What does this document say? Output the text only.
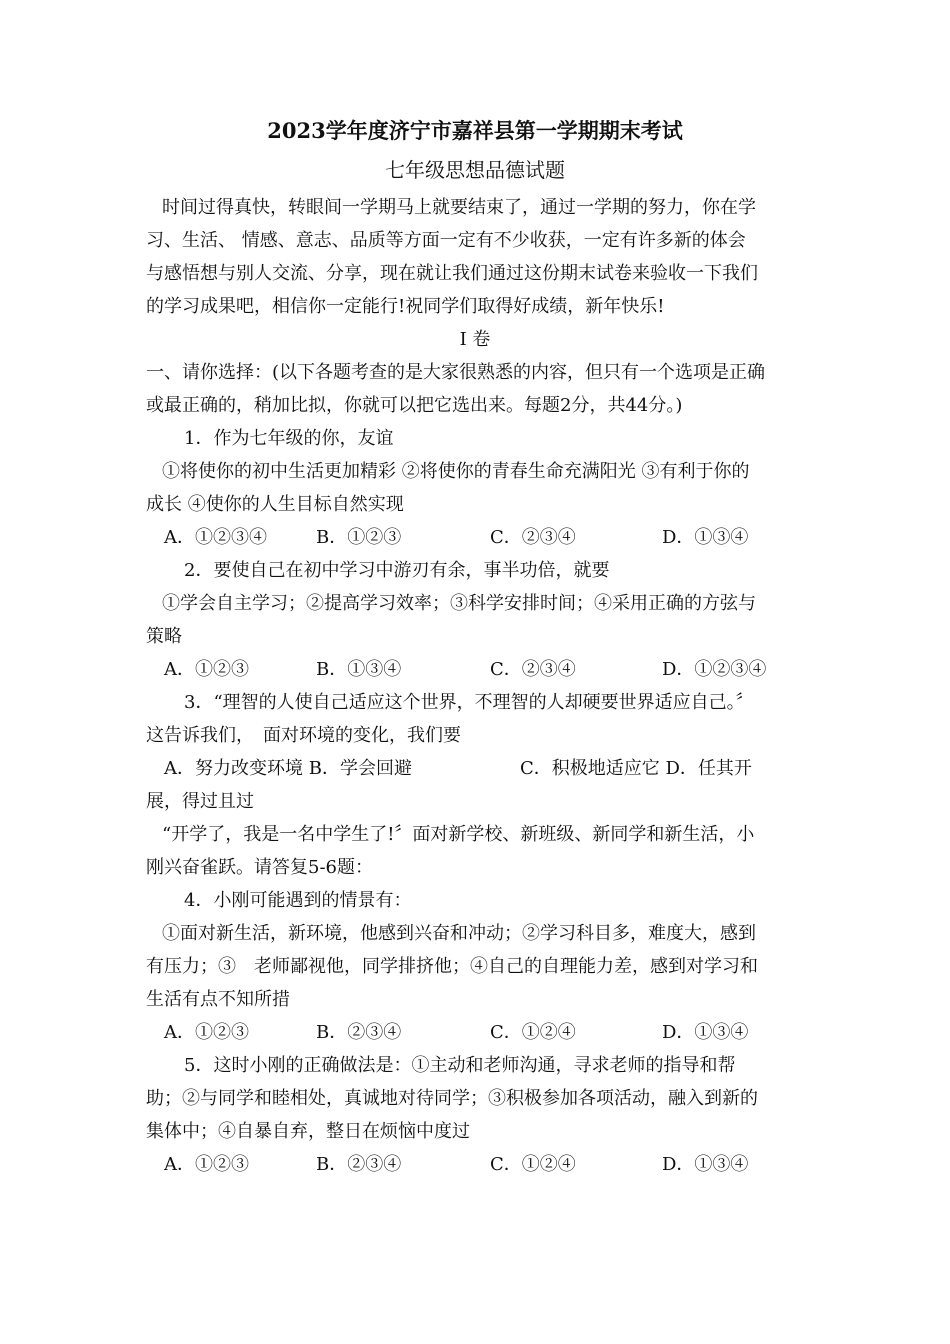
2023学年度济宁市嘉祥县第一学期期末考试
七年级思想品德试题
时间过得真快，转眼间一学期马上就要结束了，通过一学期的努力，你在学
习、生活、 情感、意志、品质等方面一定有不少收获，一定有许多新的体会
与感悟想与别人交流、分享，现在就让我们通过这份期末试卷来验收一下我们
的学习成果吧，相信你一定能行!祝同学们取得好成绩，新年快乐!
I 卷
一、请你选择：(以下各题考查的是大家很熟悉的内容，但只有一个选项是正确
或最正确的，稍加比拟，你就可以把它选出来。每题2分，共44分。)
1．作为七年级的你，友谊
①将使你的初中生活更加精彩 ②将使你的青春生命充满阳光 ③有利于你的
成长 ④使你的人生目标自然实现
A．①②③④	B．①②③	C．②③④	D．①③④
2．要使自己在初中学习中游刃有余，事半功倍，就要
①学会自主学习；②提高学习效率；③科学安排时间；④采用正确的方弦与
策略
A．①②③	B．①③④	C．②③④	D．①②③④
3．“理智的人使自己适应这个世界，不理智的人却硬要世界适应自己。〞
这告诉我们，　面对环境的变化，我们要
A．努力改变环境 B．学会回避　　　　　　C．积极地适应它 D．任其开
展，得过且过
“开学了，我是一名中学生了!〞面对新学校、新班级、新同学和新生活，小
刚兴奋雀跃。请答复5-6题：
4．小刚可能遇到的情景有：
①面对新生活，新环境，他感到兴奋和冲动；②学习科目多，难度大，感到
有压力；③　老师鄙视他，同学排挤他；④自己的自理能力差，感到对学习和
生活有点不知所措
A．①②③	B．②③④	C．①②④	D．①③④
5．这时小刚的正确做法是：①主动和老师沟通，寻求老师的指导和帮
助；②与同学和睦相处，真诚地对待同学；③积极参加各项活动，融入到新的
集体中；④自暴自弃，整日在烦恼中度过
A．①②③	B．②③④	C．①②④	D．①③④
